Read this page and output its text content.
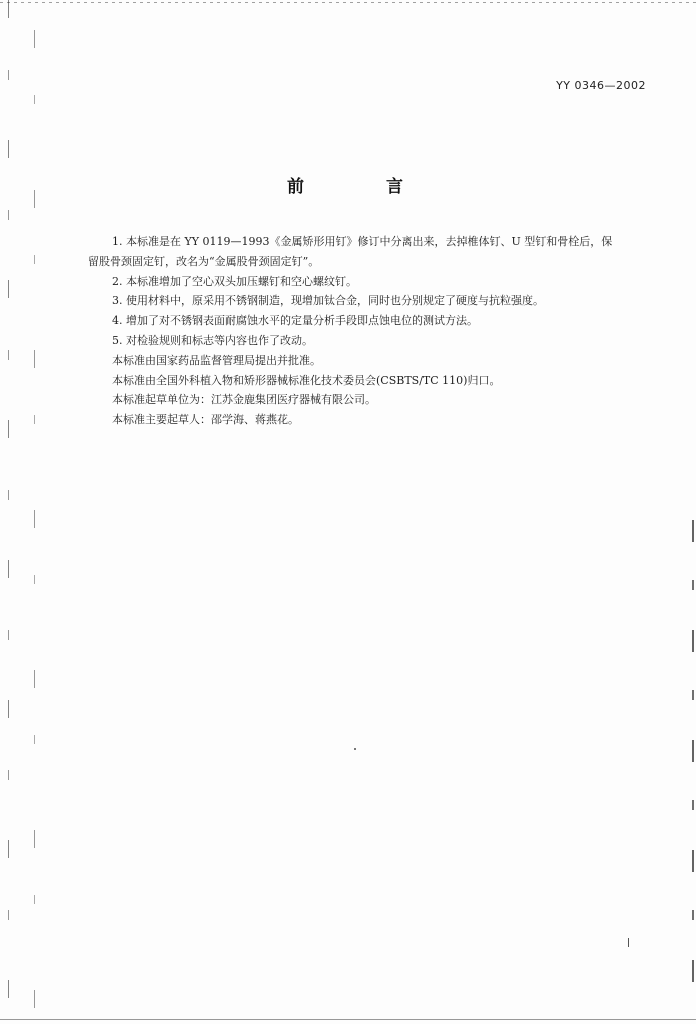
YY 0346—2002
前 言

1. 本标准是在 YY 0119—1993《金属矫形用钉》修订中分离出来，去掉椎体钉、U 型钉和骨栓后，保

留股骨颈固定钉，改名为“金属股骨颈固定钉”。

2. 本标准增加了空心双头加压螺钉和空心螺纹钉。

3. 使用材料中，原采用不锈钢制造，现增加钛合金，同时也分别规定了硬度与抗粒强度。

4. 增加了对不锈钢表面耐腐蚀水平的定量分析手段即点蚀电位的测试方法。

5. 对检验规则和标志等内容也作了改动。

本标准由国家药品监督管理局提出并批准。

本标准由全国外科植入物和矫形器械标准化技术委员会(CSBTS/TC 110)归口。

本标准起草单位为：江苏金鹿集团医疗器械有限公司。

本标准主要起草人：邵学海、蒋燕花。
